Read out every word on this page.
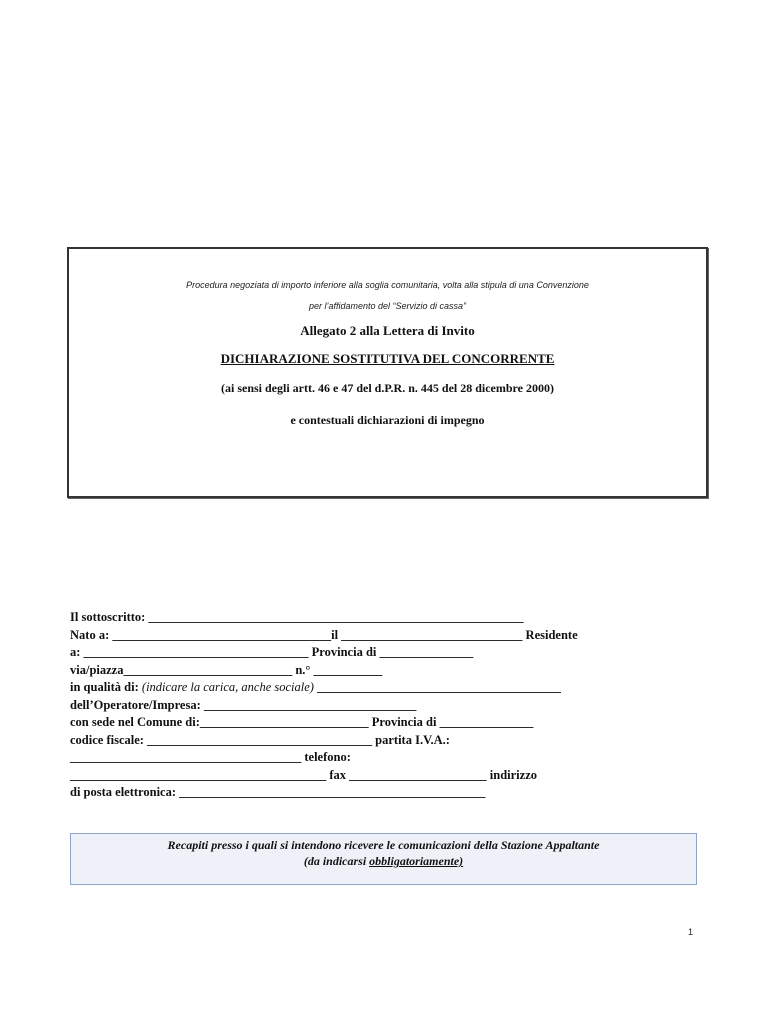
Procedura negoziata di importo inferiore alla soglia comunitaria, volta alla stipula di una Convenzione
per l’affidamento del “Servizio di cassa”
Allegato 2 alla Lettera di Invito
DICHIARAZIONE SOSTITUTIVA DEL CONCORRENTE
(ai sensi degli artt. 46 e 47 del d.P.R. n. 445 del 28 dicembre 2000)
e contestuali dichiarazioni di impegno
Il sottoscritto: ____________________________________________________________
Nato a: ___________________________________il _____________________________ Residente
a: ____________________________________ Provincia di _______________
via/piazza___________________________ n.° ___________
in qualità di: (indicare la carica, anche sociale) _______________________________________
dell’Operatore/Impresa: __________________________________
con sede nel Comune di:___________________________ Provincia di _______________
codice fiscale: ____________________________________ partita I.V.A.:
_____________________________________ telefono:
_________________________________________ fax ______________________ indirizzo
di posta elettronica: _________________________________________________
Recapiti presso i quali si intendono ricevere le comunicazioni della Stazione Appaltante
(da indicarsi obbligatoriamente)
1
